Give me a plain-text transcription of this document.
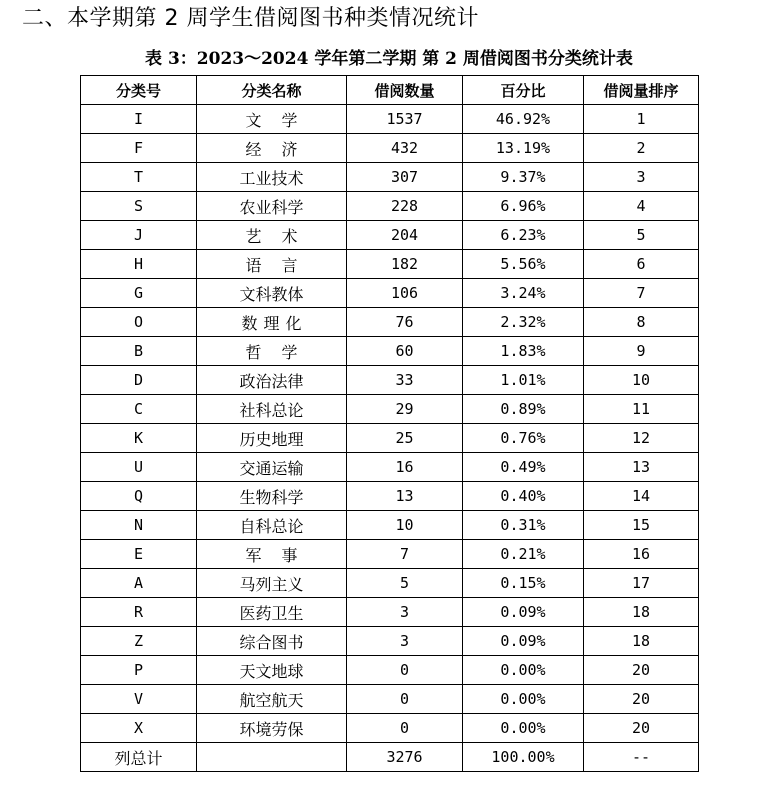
二、本学期第 2 周学生借阅图书种类情况统计
表 3：2023～2024 学年第二学期 第 2 周借阅图书分类统计表
分类号	分类名称	借阅数量	百分比	借阅量排序
I	文学	1537	46.92%	1
F	经济	432	13.19%	2
T	工业技术	307	9.37%	3
S	农业科学	228	6.96%	4
J	艺术	204	6.23%	5
H	语言	182	5.56%	6
G	文科教体	106	3.24%	7
O	数理化	76	2.32%	8
B	哲学	60	1.83%	9
D	政治法律	33	1.01%	10
C	社科总论	29	0.89%	11
K	历史地理	25	0.76%	12
U	交通运输	16	0.49%	13
Q	生物科学	13	0.40%	14
N	自科总论	10	0.31%	15
E	军事	7	0.21%	16
A	马列主义	5	0.15%	17
R	医药卫生	3	0.09%	18
Z	综合图书	3	0.09%	18
P	天文地球	0	0.00%	20
V	航空航天	0	0.00%	20
X	环境劳保	0	0.00%	20
列总计		3276	100.00%	--
